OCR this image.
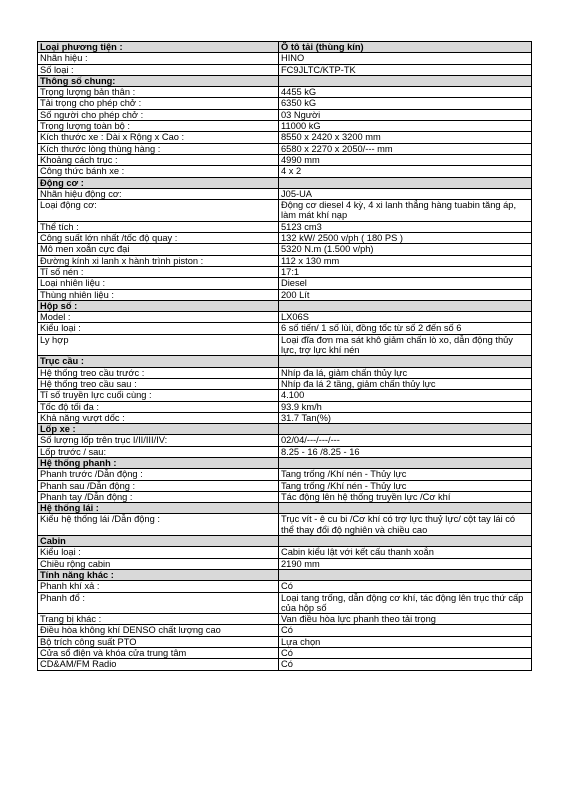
Loại phương tiện :	Ô tô tải (thùng kín)
Nhãn hiệu :	HINO
Số loại :	FC9JLTC/KTP-TK
Thông số chung:	
Trọng lượng bản thân :	4455 kG
Tải trọng cho phép chở :	6350 kG
Số người cho phép chở :	03 Người
Trọng lượng toàn bộ :	11000 kG
Kích thước xe : Dài x Rộng x Cao :	8550 x 2420 x 3200 mm
Kích thước lòng thùng hàng :	6580 x 2270 x 2050/--- mm
Khoảng cách trục :	4990 mm
Công thức bánh xe :	4 x 2
Động cơ :	
Nhãn hiệu động cơ:	J05-UA
Loại động cơ:	Động cơ diesel 4 kỳ, 4 xi lanh thẳng hàng tuabin tăng áp, làm mát khí nạp
Thể tích :	5123 cm3
Công suất lớn nhất /tốc độ quay :	132 kW/ 2500 v/ph ( 180 PS )
Mô men xoắn cực đại	5320 N.m (1.500 v/ph)
Đường kính xi lanh x hành trình piston :	112 x 130 mm
Tỉ số nén :	17:1
Loại nhiên liệu :	Diesel
Thùng nhiên liệu :	200 Lít
Hộp số :	
Model :	LX06S
Kiểu loại :	6 số tiến/ 1 số lùi, đồng tốc từ số 2 đến số 6
Ly hợp	Loại đĩa đơn ma sát khô giảm chấn lò xo, dẫn động thủy lực, trợ lực khí nén
Trục cầu :	
Hệ thống treo cầu trước :	Nhíp đa lá, giảm chấn thủy lực
Hệ thống treo cầu sau :	Nhíp đa lá 2 tầng, giảm chấn thủy lực
Tỉ số truyền lực cuối cùng :	4.100
Tốc độ tối đa :	93.9 km/h
Khả năng vượt dốc :	31.7 Tan(%)
Lốp xe :	
Số lượng lốp trên trục I/II/III/IV:	02/04/---/---/---
Lốp trước / sau:	8.25 - 16 /8.25 - 16
Hệ thống phanh :	
Phanh trước /Dẫn động :	Tang trống /Khí nén - Thủy lực
Phanh sau /Dẫn động :	Tang trống /Khí nén - Thủy lực
Phanh tay /Dẫn động :	Tác động lên hệ thống truyền lực /Cơ khí
Hệ thống lái :	
Kiểu hệ thống lái /Dẫn động :	Trục vít - ê cu bi /Cơ khí có trợ lực thuỷ lực/ cột tay lái có thể thay đổi độ nghiên và chiều cao
Cabin	
Kiểu loại :	Cabin kiểu lật với kết cấu thanh xoắn
Chiều rộng cabin	2190 mm
Tính năng khác :	
Phanh khí xả :	Có
Phanh đổ :	Loại tang trống, dẫn động cơ khí, tác động lên trục thứ cấp của hộp số
Trang bị khác :	Van điều hòa lực phanh theo tải trọng
Điều hòa không khí DENSO chất lượng cao	Có
Bộ trích công suất PTO	Lựa chọn
Cửa sổ điện và khóa cửa trung tâm	Có
CD&AM/FM Radio	Có
